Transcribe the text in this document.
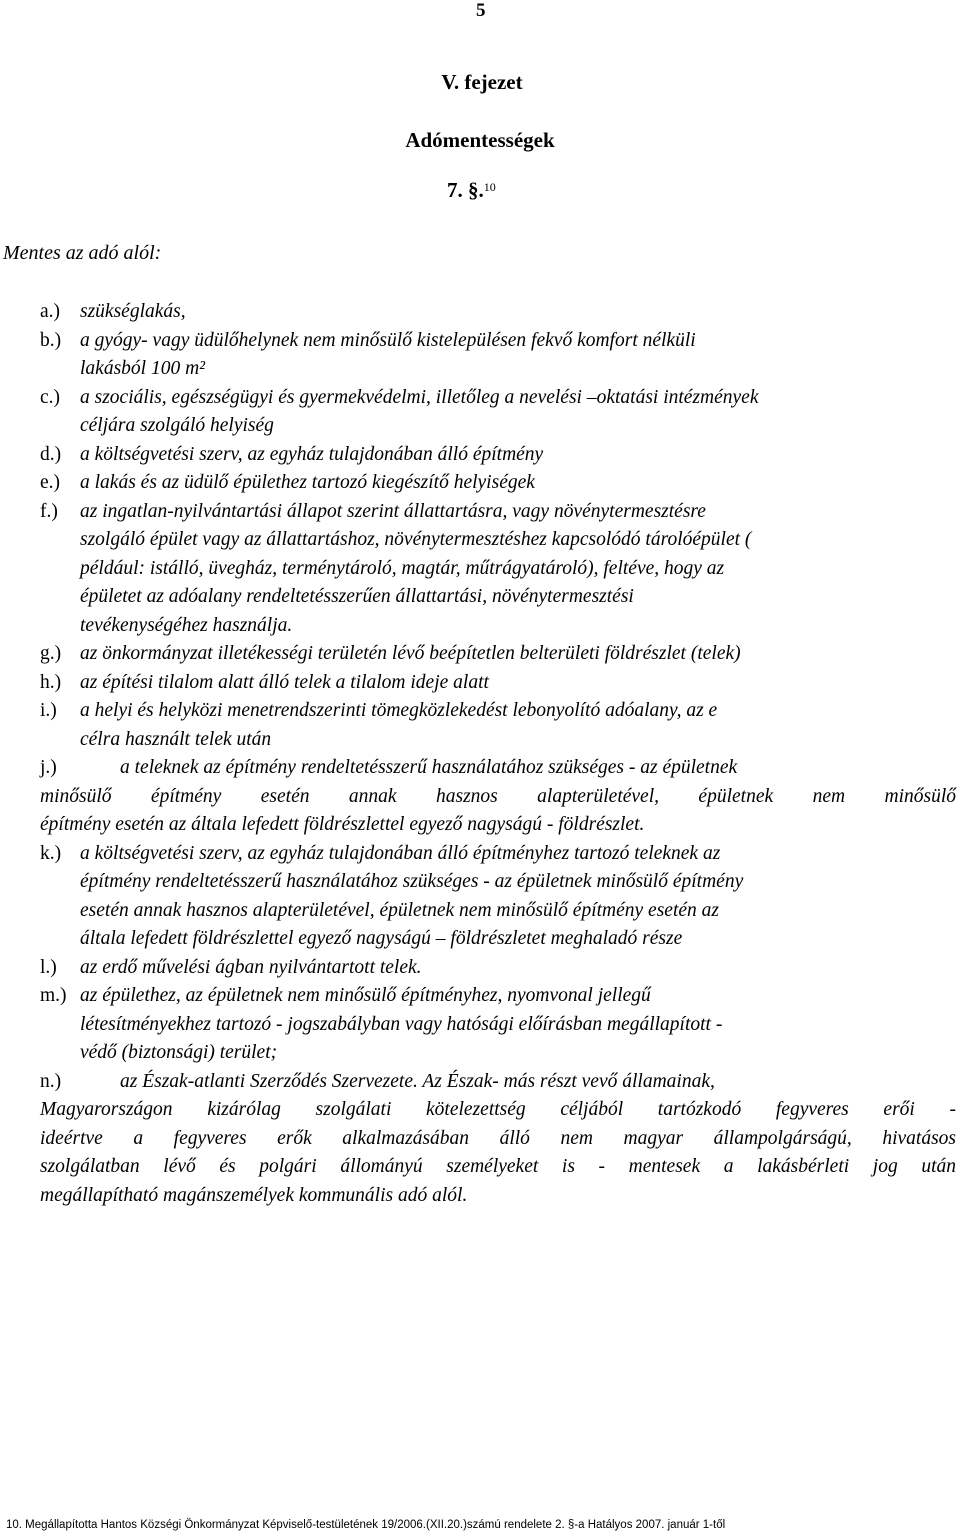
5
V. fejezet
Adómentességek
7. §.$^{10}$
Mentes az adó alól:
a.) szükséglakás,
b.) a gyógy- vagy üdülőhelynek nem minősülő kistelepülésen fekvő komfort nélküli
lakásból 100 m²
c.) a szociális, egészségügyi és gyermekvédelmi, illetőleg a nevelési –oktatási intézmények
céljára szolgáló helyiség
d.) a költségvetési szerv, az egyház tulajdonában álló építmény
e.) a lakás és az üdülő épülethez tartozó kiegészítő helyiségek
f.) az ingatlan-nyilvántartási állapot szerint állattartásra, vagy növénytermesztésre
szolgáló épület vagy az állattartáshoz, növénytermesztéshez kapcsolódó tárolóépület (
például: istálló, üvegház, terménytároló, magtár, műtrágyatároló), feltéve, hogy az
épületet az adóalany rendeltetésszerűen állattartási, növénytermesztési
tevékenységéhez használja.
g.) az önkormányzat illetékességi területén lévő beépítetlen belterületi földrészlet (telek)
h.) az építési tilalom alatt álló telek a tilalom ideje alatt
i.) a helyi és helyközi menetrendszerinti tömegközlekedést lebonyolító adóalany, az e
célra használt telek után
j.)	a teleknek az építmény rendeltetésszerű használatához szükséges - az épületnek
minősülő építmény esetén annak hasznos alapterületével, épületnek nem minősülő
építmény esetén az általa lefedett földrészlettel egyező nagyságú - földrészlet.
k.) a költségvetési szerv, az egyház tulajdonában álló építményhez tartozó teleknek az
építmény rendeltetésszerű használatához szükséges - az épületnek minősülő építmény
esetén annak hasznos alapterületével, épületnek nem minősülő építmény esetén az
általa lefedett földrészlettel egyező nagyságú – földrészletet meghaladó része
l.) az erdő művelési ágban nyilvántartott telek.
m.) az épülethez, az épületnek nem minősülő építményhez, nyomvonal jellegű
létesítményekhez tartozó - jogszabályban vagy hatósági előírásban megállapított -
védő (biztonsági) terület;
n.)	az Észak-atlanti Szerződés Szervezete. Az Észak- más részt vevő államainak,
Magyarországon kizárólag szolgálati kötelezettség céljából tartózkodó fegyveres erői -
ideértve a fegyveres erők alkalmazásában álló nem magyar állampolgárságú, hivatásos
szolgálatban lévő és polgári állományú személyeket is - mentesek a lakásbérleti jog után
megállapítható magánszemélyek kommunális adó alól.
10. Megállapította Hantos Községi Önkormányzat Képviselő-testületének 19/2006.(XII.20.)számú rendelete 2. §-a Hatályos 2007. január 1-től
